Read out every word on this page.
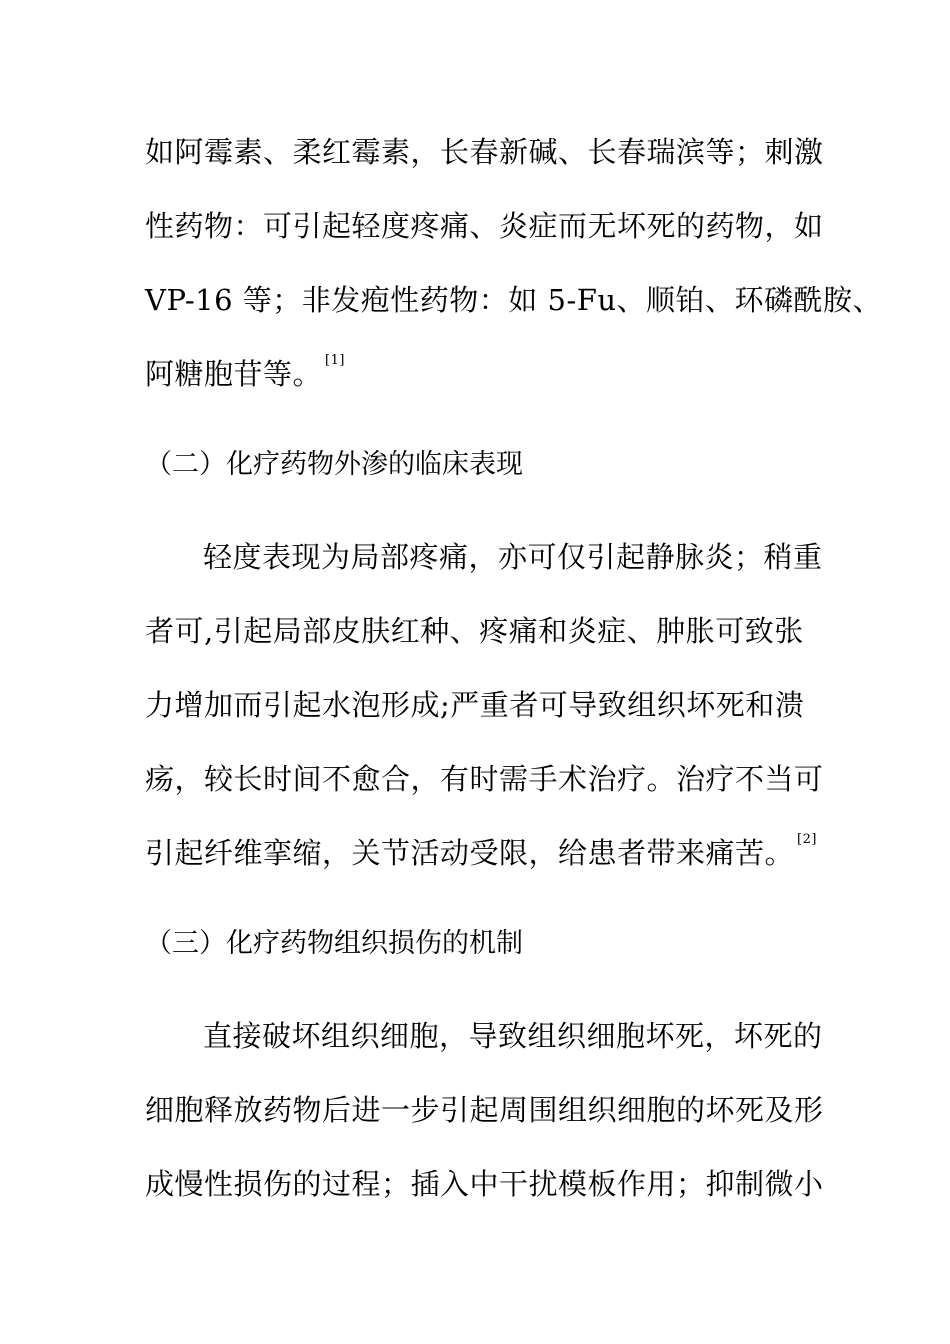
如阿霉素、柔红霉素，长春新碱、长春瑞滨等；刺激
性药物：可引起轻度疼痛、炎症而无坏死的药物，如
VP-16 等；非发疱性药物：如 5-Fu、顺铂、环磷酰胺、
阿糖胞苷等。 [1]
（二）化疗药物外渗的临床表现
轻度表现为局部疼痛，亦可仅引起静脉炎；稍重
者可,引起局部皮肤红种、疼痛和炎症、肿胀可致张
力增加而引起水泡形成;严重者可导致组织坏死和溃
疡，较长时间不愈合，有时需手术治疗。治疗不当可
引起纤维挛缩，关节活动受限，给患者带来痛苦。 [2]
（三）化疗药物组织损伤的机制
直接破坏组织细胞，导致组织细胞坏死，坏死的
细胞释放药物后进一步引起周围组织细胞的坏死及形
成慢性损伤的过程；插入中干扰模板作用；抑制微小
